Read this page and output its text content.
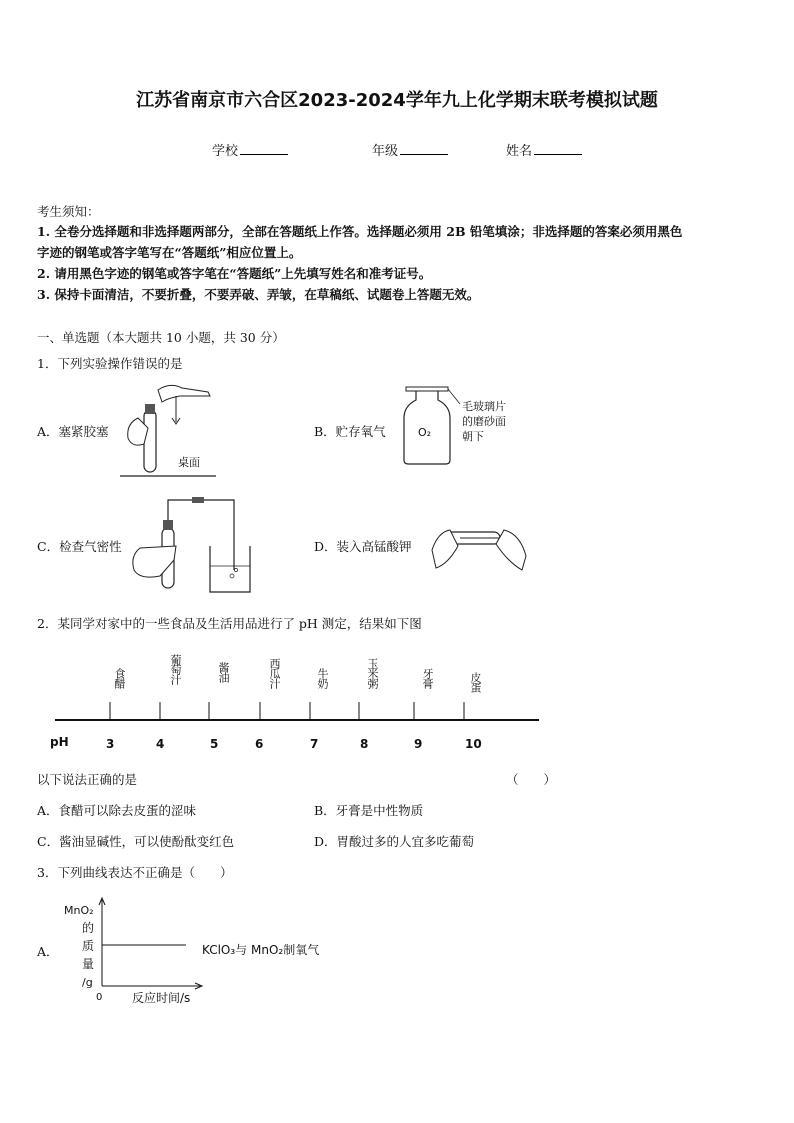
江苏省南京市六合区2023-2024学年九上化学期末联考模拟试题
学校	年级	姓名
考生须知：
1. 全卷分选择题和非选择题两部分，全部在答题纸上作答。选择题必须用 2B 铅笔填涂；非选择题的答案必须用黑色
字迹的钢笔或答字笔写在“答题纸”相应位置上。
2. 请用黑色字迹的钢笔或答字笔在“答题纸”上先填写姓名和准考证号。
3. 保持卡面清洁，不要折叠，不要弄破、弄皱，在草稿纸、试题卷上答题无效。
一、单选题（本大题共 10 小题，共 30 分）
1．下列实验操作错误的是
A．塞紧胶塞
桌面
B．贮存氧气	O₂
毛玻璃片
的磨砂面
朝下
C．检查气密性	D．装入高锰酸钾
2．某同学对家中的一些食品及生活用品进行了 pH 测定，结果如下图
食醋	葡萄汁	酱油	西瓜汁	牛奶	玉米粥	牙膏	皮蛋
pH	3	4	5	6	7	8	9	10
以下说法正确的是	（　　）
A．食醋可以除去皮蛋的涩味	B．牙膏是中性物质
C．酱油显碱性，可以使酚酞变红色	D．胃酸过多的人宜多吃葡萄
3．下列曲线表达不正确是（　　）
A．
MnO₂
的
质
量
/g
0 反应时间/s
KClO₃与 MnO₂制氧气
